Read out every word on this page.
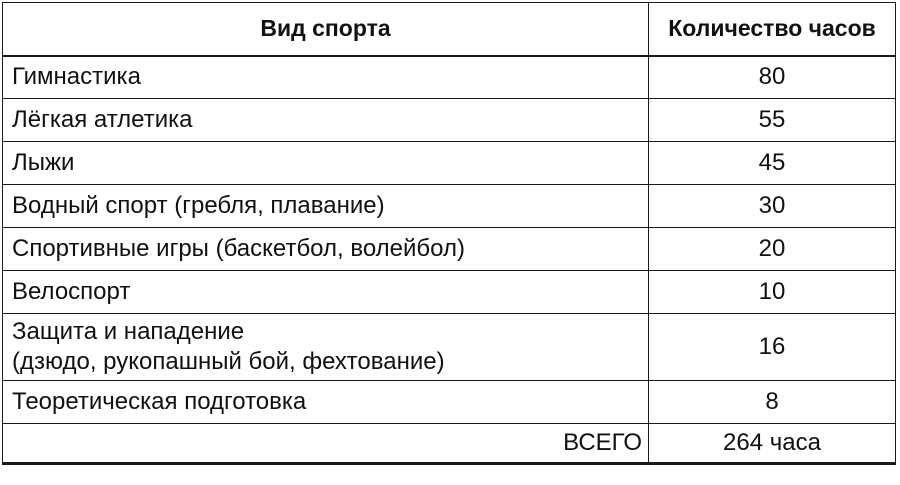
Вид спорта	Количество часов
Гимнастика	80
Лёгкая атлетика	55
Лыжи	45
Водный спорт (гребля, плавание)	30
Спортивные игры (баскетбол, волейбол)	20
Велоспорт	10
Защита и нападение
(дзюдо, рукопашный бой, фехтование)	16
Теоретическая подготовка	8
ВСЕГО	264 часа
